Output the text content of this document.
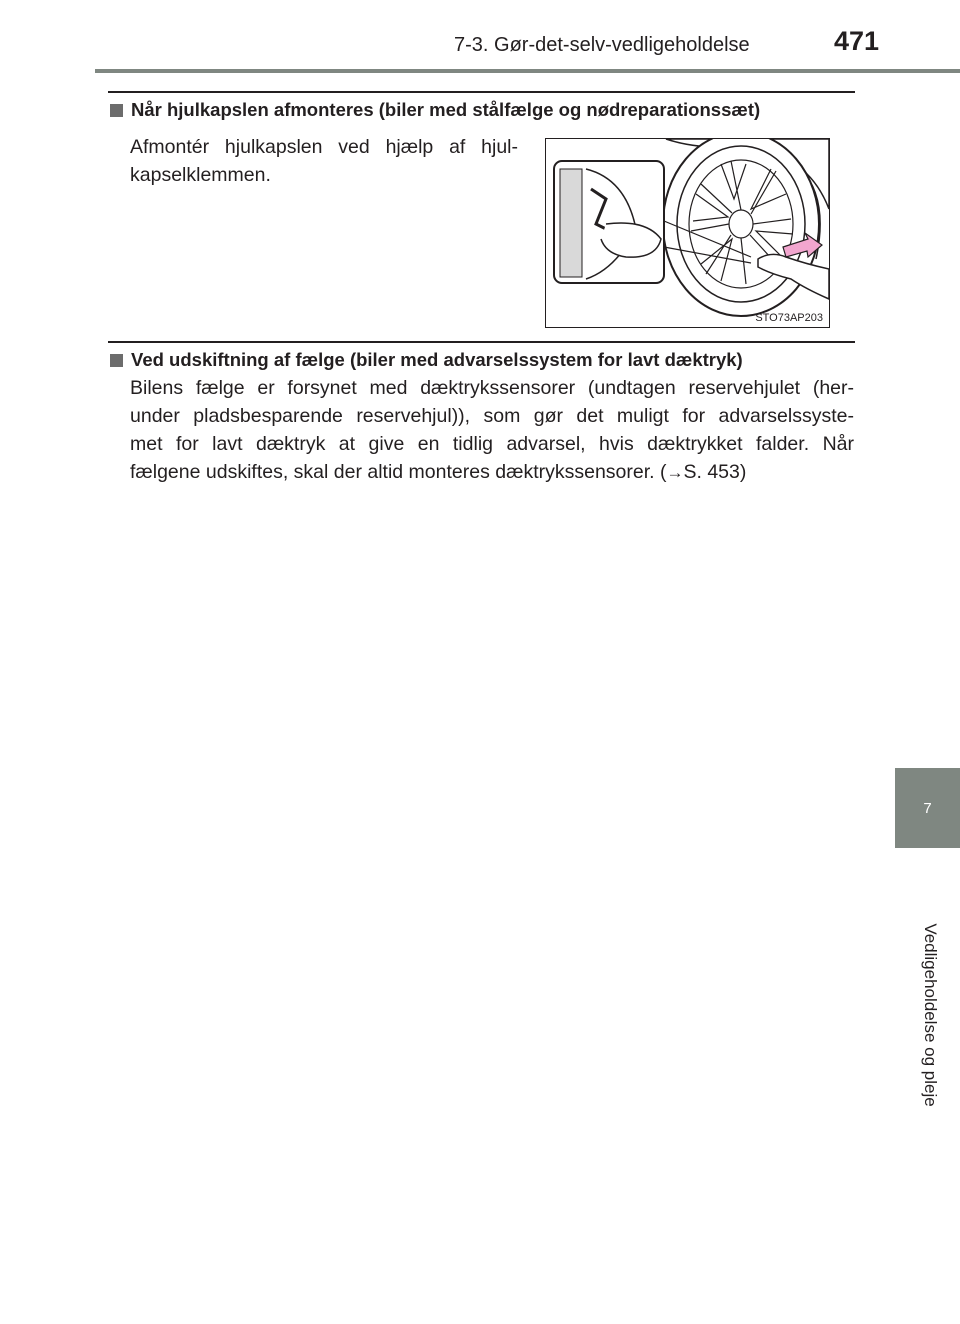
7-3. Gør-det-selv-vedligeholdelse	471
Når hjulkapslen afmonteres (biler med stålfælge og nødreparationssæt)
Afmontér hjulkapslen ved hjælp af hjul-
kapselklemmen.
STO73AP203
Ved udskiftning af fælge (biler med advarselssystem for lavt dæktryk)
Bilens fælge er forsynet med dæktrykssensorer (undtagen reservehjulet (her-
under pladsbesparende reservehjul)), som gør det muligt for advarselssyste-
met for lavt dæktryk at give en tidlig advarsel, hvis dæktrykket falder. Når
fælgene udskiftes, skal der altid monteres dæktrykssensorer. (→S. 453)
7
Vedligeholdelse og pleje
